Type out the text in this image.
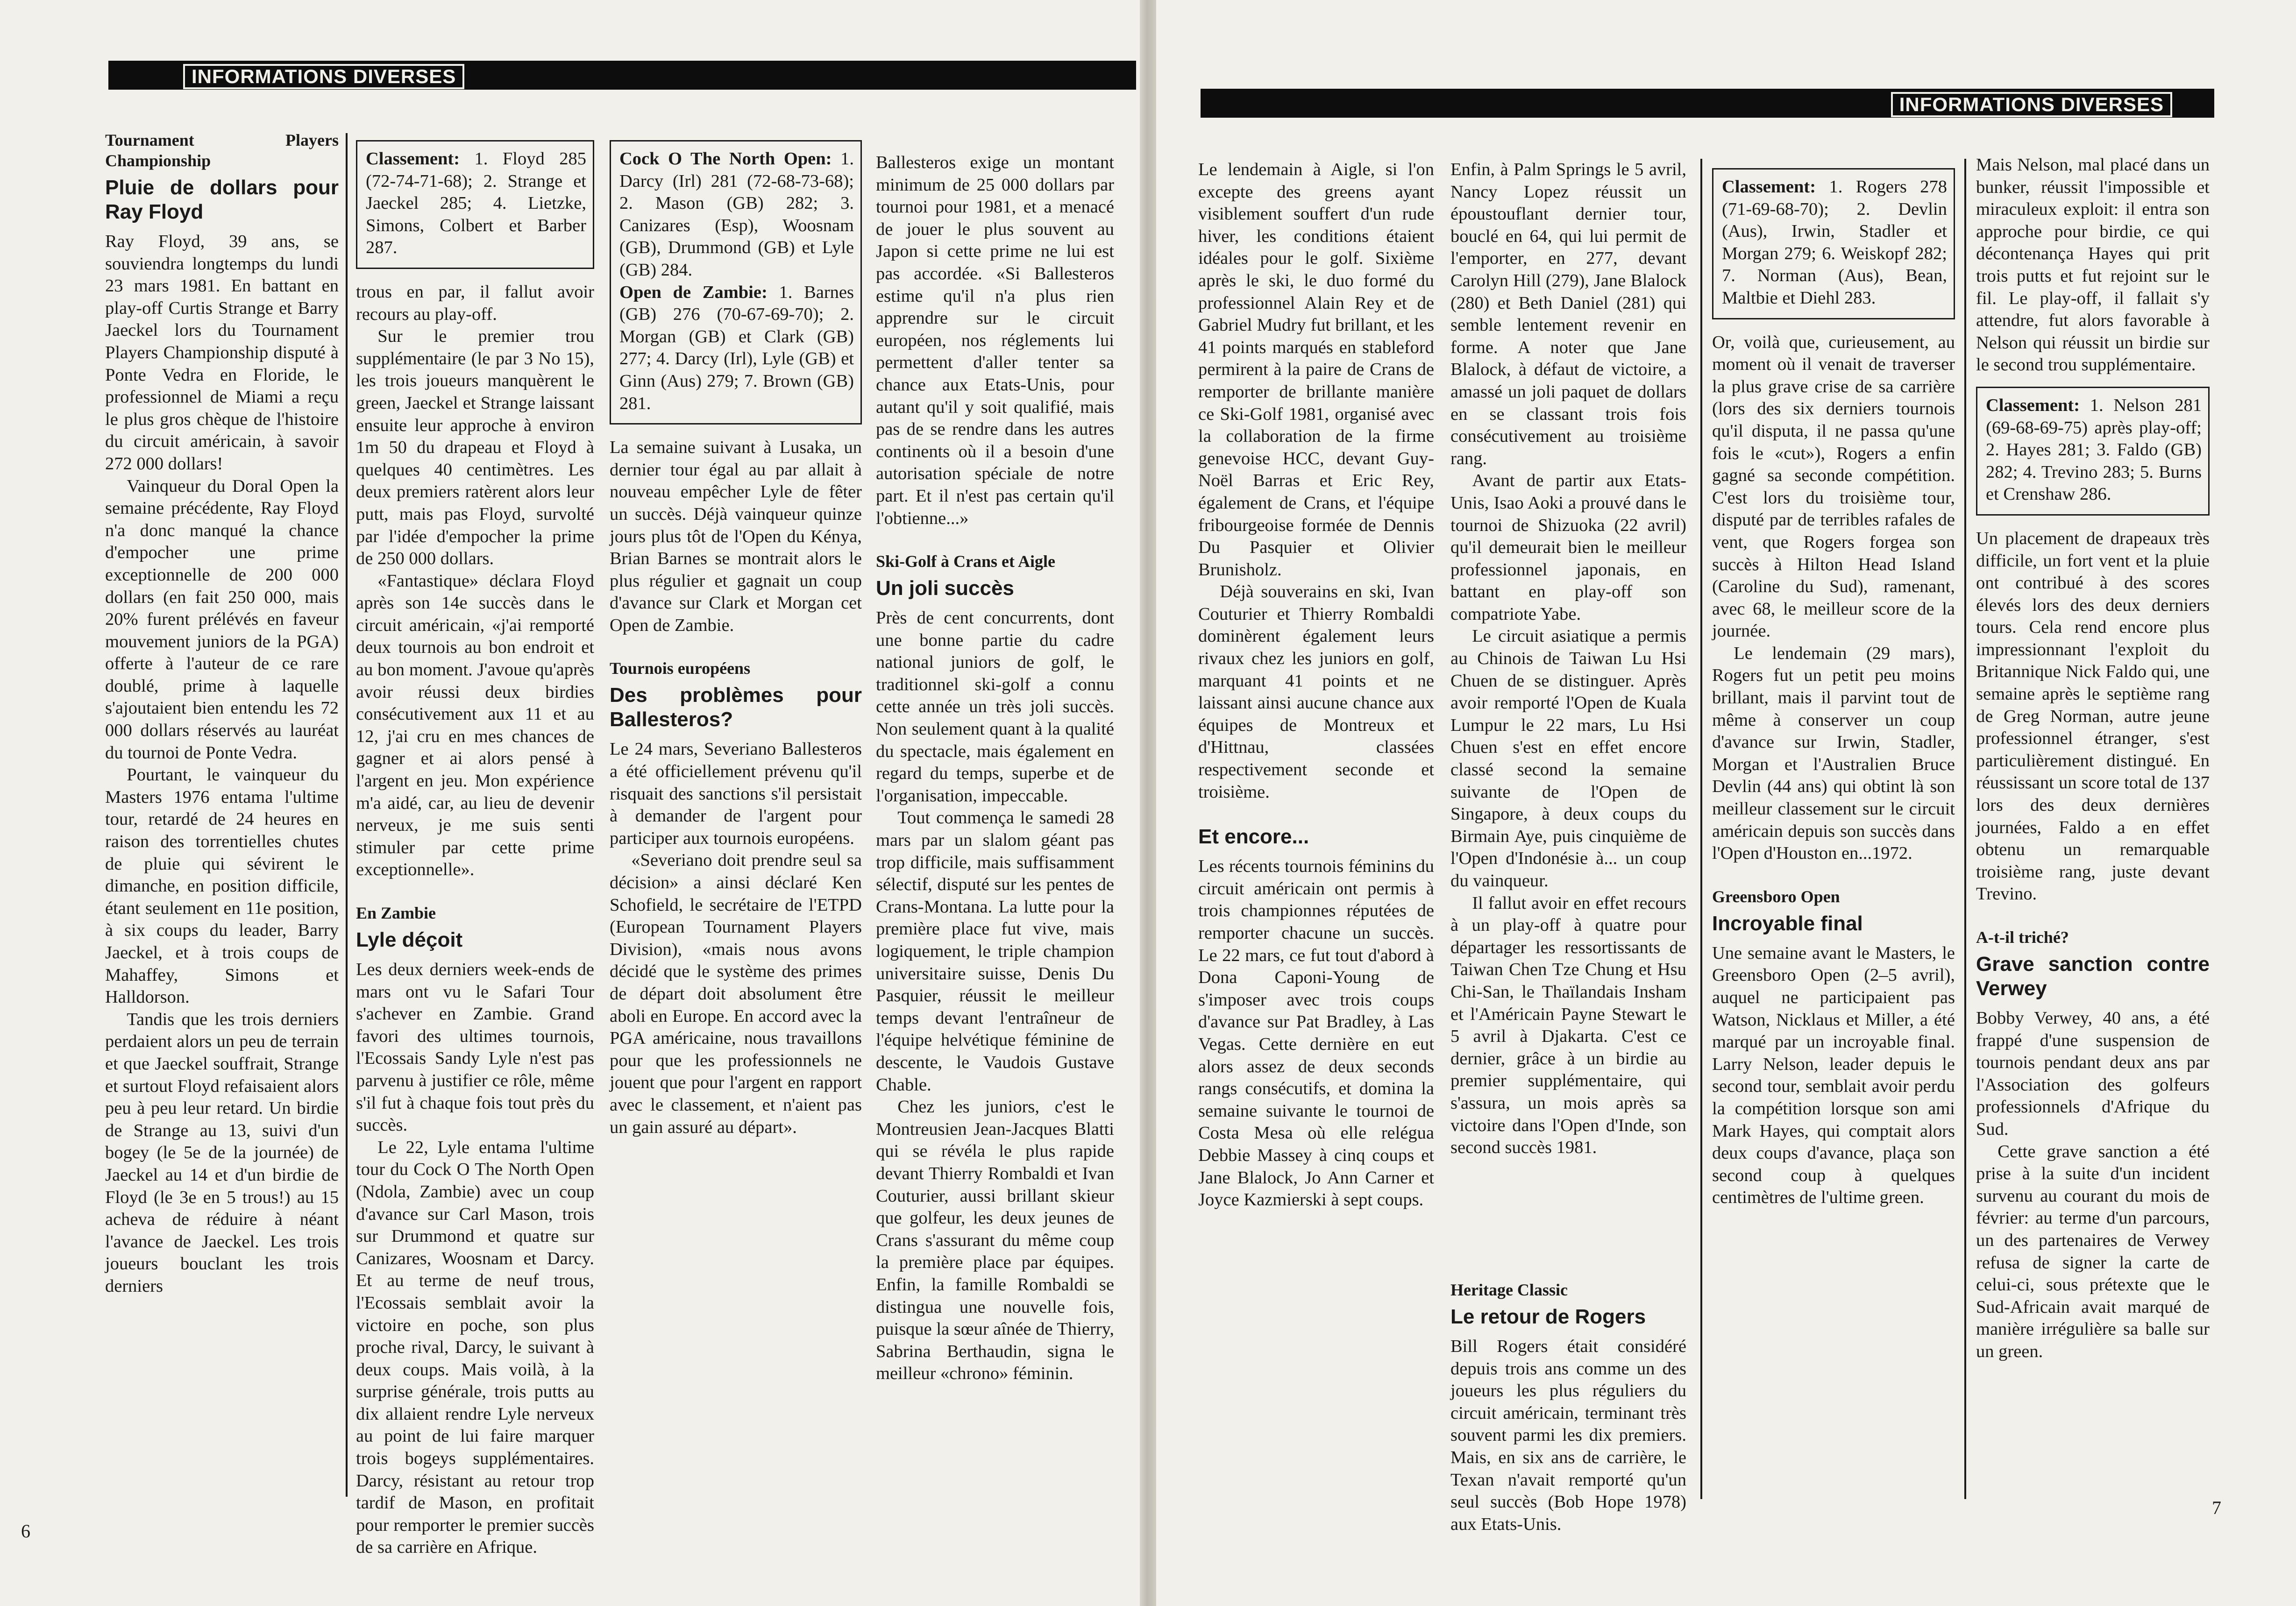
INFORMATIONS DIVERSES
Tournament Players Championship
Pluie de dollars pour Ray Floyd

Ray Floyd, 39 ans, se souviendra longtemps du lundi 23 mars 1981. En battant en play-off Curtis Strange et Barry Jaeckel lors du Tournament Players Championship disputé à Ponte Vedra en Floride, le professionnel de Miami a reçu le plus gros chèque de l'histoire du circuit américain, à savoir 272 000 dollars!

Vainqueur du Doral Open la semaine précédente, Ray Floyd n'a donc manqué la chance d'empocher une prime exceptionnelle de 200 000 dollars (en fait 250 000, mais 20% furent prélévés en faveur mouvement juniors de la PGA) offerte à l'auteur de ce rare doublé, prime à laquelle s'ajoutaient bien entendu les 72 000 dollars réservés au lauréat du tournoi de Ponte Vedra.

Pourtant, le vainqueur du Masters 1976 entama l'ultime tour, retardé de 24 heures en raison des torrentielles chutes de pluie qui sévirent le dimanche, en position difficile, étant seulement en 11e position, à six coups du leader, Barry Jaeckel, et à trois coups de Mahaffey, Simons et Halldorson.

Tandis que les trois derniers perdaient alors un peu de terrain et que Jaeckel souffrait, Strange et surtout Floyd refaisaient alors peu à peu leur retard. Un birdie de Strange au 13, suivi d'un bogey (le 5e de la journée) de Jaeckel au 14 et d'un birdie de Floyd (le 3e en 5 trous!) au 15 acheva de réduire à néant l'avance de Jaeckel. Les trois joueurs bouclant les trois derniers

Classement: 1. Floyd 285 (72-74-71-68); 2. Strange et Jaeckel 285; 4. Lietzke, Simons, Colbert et Barber 287.

trous en par, il fallut avoir recours au play-off.

Sur le premier trou supplémentaire (le par 3 No 15), les trois joueurs manquèrent le green, Jaeckel et Strange laissant ensuite leur approche à environ 1m 50 du drapeau et Floyd à quelques 40 centimètres. Les deux premiers ratèrent alors leur putt, mais pas Floyd, survolté par l'idée d'empocher la prime de 250 000 dollars.

«Fantastique» déclara Floyd après son 14e succès dans le circuit américain, «j'ai remporté deux tournois au bon endroit et au bon moment. J'avoue qu'après avoir réussi deux birdies consécutivement aux 11 et au 12, j'ai cru en mes chances de gagner et ai alors pensé à l'argent en jeu. Mon expérience m'a aidé, car, au lieu de devenir nerveux, je me suis senti stimuler par cette prime exceptionnelle».

En Zambie
Lyle déçoit

Les deux derniers week-ends de mars ont vu le Safari Tour s'achever en Zambie. Grand favori des ultimes tournois, l'Ecossais Sandy Lyle n'est pas parvenu à justifier ce rôle, même s'il fut à chaque fois tout près du succès.

Le 22, Lyle entama l'ultime tour du Cock O The North Open (Ndola, Zambie) avec un coup d'avance sur Carl Mason, trois sur Drummond et quatre sur Canizares, Woosnam et Darcy. Et au terme de neuf trous, l'Ecossais semblait avoir la victoire en poche, son plus proche rival, Darcy, le suivant à deux coups. Mais voilà, à la surprise générale, trois putts au dix allaient rendre Lyle nerveux au point de lui faire marquer trois bogeys supplémentaires. Darcy, résistant au retour trop tardif de Mason, en profitait pour remporter le premier succès de sa carrière en Afrique.

Cock O The North Open: 1. Darcy (Irl) 281 (72-68-73-68); 2. Mason (GB) 282; 3. Canizares (Esp), Woosnam (GB), Drummond (GB) et Lyle (GB) 284.
Open de Zambie: 1. Barnes (GB) 276 (70-67-69-70); 2. Morgan (GB) et Clark (GB) 277; 4. Darcy (Irl), Lyle (GB) et Ginn (Aus) 279; 7. Brown (GB) 281.

La semaine suivant à Lusaka, un dernier tour égal au par allait à nouveau empêcher Lyle de fêter un succès. Déjà vainqueur quinze jours plus tôt de l'Open du Kénya, Brian Barnes se montrait alors le plus régulier et gagnait un coup d'avance sur Clark et Morgan cet Open de Zambie.

Tournois européens
Des problèmes pour Ballesteros?

Le 24 mars, Severiano Ballesteros a été officiellement prévenu qu'il risquait des sanctions s'il persistait à demander de l'argent pour participer aux tournois européens.

«Severiano doit prendre seul sa décision» a ainsi déclaré Ken Schofield, le secrétaire de l'ETPD (European Tournament Players Division), «mais nous avons décidé que le système des primes de départ doit absolument être aboli en Europe. En accord avec la PGA américaine, nous travaillons pour que les professionnels ne jouent que pour l'argent en rapport avec le classement, et n'aient pas un gain assuré au départ».

Ballesteros exige un montant minimum de 25 000 dollars par tournoi pour 1981, et a menacé de jouer le plus souvent au Japon si cette prime ne lui est pas accordée. «Si Ballesteros estime qu'il n'a plus rien apprendre sur le circuit européen, nos réglements lui permettent d'aller tenter sa chance aux Etats-Unis, pour autant qu'il y soit qualifié, mais pas de se rendre dans les autres continents où il a besoin d'une autorisation spéciale de notre part. Et il n'est pas certain qu'il l'obtienne...»

Ski-Golf à Crans et Aigle
Un joli succès

Près de cent concurrents, dont une bonne partie du cadre national juniors de golf, le traditionnel ski-golf a connu cette année un très joli succès. Non seulement quant à la qualité du spectacle, mais également en regard du temps, superbe et de l'organisation, impeccable.

Tout commença le samedi 28 mars par un slalom géant pas trop difficile, mais suffisamment sélectif, disputé sur les pentes de Crans-Montana. La lutte pour la première place fut vive, mais logiquement, le triple champion universitaire suisse, Denis Du Pasquier, réussit le meilleur temps devant l'entraîneur de l'équipe helvétique féminine de descente, le Vaudois Gustave Chable.

Chez les juniors, c'est le Montreusien Jean-Jacques Blatti qui se révéla le plus rapide devant Thierry Rombaldi et Ivan Couturier, aussi brillant skieur que golfeur, les deux jeunes de Crans s'assurant du même coup la première place par équipes. Enfin, la famille Rombaldi se distingua une nouvelle fois, puisque la sœur aînée de Thierry, Sabrina Berthaudin, signa le meilleur «chrono» féminin.

6
INFORMATIONS DIVERSES

Le lendemain à Aigle, si l'on excepte des greens ayant visiblement souffert d'un rude hiver, les conditions étaient idéales pour le golf. Sixième après le ski, le duo formé du professionnel Alain Rey et de Gabriel Mudry fut brillant, et les 41 points marqués en stableford permirent à la paire de Crans de remporter de brillante manière ce Ski-Golf 1981, organisé avec la collaboration de la firme genevoise HCC, devant Guy-Noël Barras et Eric Rey, également de Crans, et l'équipe fribourgeoise formée de Dennis Du Pasquier et Olivier Brunisholz.

Déjà souverains en ski, Ivan Couturier et Thierry Rombaldi dominèrent également leurs rivaux chez les juniors en golf, marquant 41 points et ne laissant ainsi aucune chance aux équipes de Montreux et d'Hittnau, classées respectivement seconde et troisième.

Et encore...

Les récents tournois féminins du circuit américain ont permis à trois championnes réputées de remporter chacune un succès. Le 22 mars, ce fut tout d'abord à Dona Caponi-Young de s'imposer avec trois coups d'avance sur Pat Bradley, à Las Vegas. Cette dernière en eut alors assez de deux seconds rangs consécutifs, et domina la semaine suivante le tournoi de Costa Mesa où elle relégua Debbie Massey à cinq coups et Jane Blalock, Jo Ann Carner et Joyce Kazmierski à sept coups.

Enfin, à Palm Springs le 5 avril, Nancy Lopez réussit un époustouflant dernier tour, bouclé en 64, qui lui permit de l'emporter, en 277, devant Carolyn Hill (279), Jane Blalock (280) et Beth Daniel (281) qui semble lentement revenir en forme. A noter que Jane Blalock, à défaut de victoire, a amassé un joli paquet de dollars en se classant trois fois consécutivement au troisième rang.

Avant de partir aux Etats-Unis, Isao Aoki a prouvé dans le tournoi de Shizuoka (22 avril) qu'il demeurait bien le meilleur professionnel japonais, en battant en play-off son compatriote Yabe.

Le circuit asiatique a permis au Chinois de Taiwan Lu Hsi Chuen de se distinguer. Après avoir remporté l'Open de Kuala Lumpur le 22 mars, Lu Hsi Chuen s'est en effet encore classé second la semaine suivante de l'Open de Singapore, à deux coups du Birmain Aye, puis cinquième de l'Open d'Indonésie à... un coup du vainqueur.

Il fallut avoir en effet recours à un play-off à quatre pour départager les ressortissants de Taiwan Chen Tze Chung et Hsu Chi-San, le Thaïlandais Insham et l'Américain Payne Stewart le 5 avril à Djakarta. C'est ce dernier, grâce à un birdie au premier supplémentaire, qui s'assura, un mois après sa victoire dans l'Open d'Inde, son second succès 1981.

Classement: 1. Rogers 278 (71-69-68-70); 2. Devlin (Aus), Irwin, Stadler et Morgan 279; 6. Weiskopf 282; 7. Norman (Aus), Bean, Maltbie et Diehl 283.

Or, voilà que, curieusement, au moment où il venait de traverser la plus grave crise de sa carrière (lors des six derniers tournois qu'il disputa, il ne passa qu'une fois le «cut»), Rogers a enfin gagné sa seconde compétition. C'est lors du troisième tour, disputé par de terribles rafales de vent, que Rogers forgea son succès à Hilton Head Island (Caroline du Sud), ramenant, avec 68, le meilleur score de la journée.

Le lendemain (29 mars), Rogers fut un petit peu moins brillant, mais il parvint tout de même à conserver un coup d'avance sur Irwin, Stadler, Morgan et l'Australien Bruce Devlin (44 ans) qui obtint là son meilleur classement sur le circuit américain depuis son succès dans l'Open d'Houston en...1972.

Greensboro Open
Incroyable final

Une semaine avant le Masters, le Greensboro Open (2–5 avril), auquel ne participaient pas Watson, Nicklaus et Miller, a été marqué par un incroyable final. Larry Nelson, leader depuis le second tour, semblait avoir perdu la compétition lorsque son ami Mark Hayes, qui comptait alors deux coups d'avance, plaça son second coup à quelques centimètres de l'ultime green.

Mais Nelson, mal placé dans un bunker, réussit l'impossible et miraculeux exploit: il entra son approche pour birdie, ce qui décontenança Hayes qui prit trois putts et fut rejoint sur le fil. Le play-off, il fallait s'y attendre, fut alors favorable à Nelson qui réussit un birdie sur le second trou supplémentaire.

Classement: 1. Nelson 281 (69-68-69-75) après play-off; 2. Hayes 281; 3. Faldo (GB) 282; 4. Trevino 283; 5. Burns et Crenshaw 286.

Un placement de drapeaux très difficile, un fort vent et la pluie ont contribué à des scores élevés lors des deux derniers tours. Cela rend encore plus impressionnant l'exploit du Britannique Nick Faldo qui, une semaine après le septième rang de Greg Norman, autre jeune professionnel étranger, s'est particulièrement distingué. En réussissant un score total de 137 lors des deux dernières journées, Faldo a en effet obtenu un remarquable troisième rang, juste devant Trevino.

A-t-il triché?
Grave sanction contre Verwey

Bobby Verwey, 40 ans, a été frappé d'une suspension de tournois pendant deux ans par l'Association des golfeurs professionnels d'Afrique du Sud.

Cette grave sanction a été prise à la suite d'un incident survenu au courant du mois de février: au terme d'un parcours, un des partenaires de Verwey refusa de signer la carte de celui-ci, sous prétexte que le Sud-Africain avait marqué de manière irrégulière sa balle sur un green.

Heritage Classic
Le retour de Rogers

Bill Rogers était considéré depuis trois ans comme un des joueurs les plus réguliers du circuit américain, terminant très souvent parmi les dix premiers. Mais, en six ans de carrière, le Texan n'avait remporté qu'un seul succès (Bob Hope 1978) aux Etats-Unis.

7
